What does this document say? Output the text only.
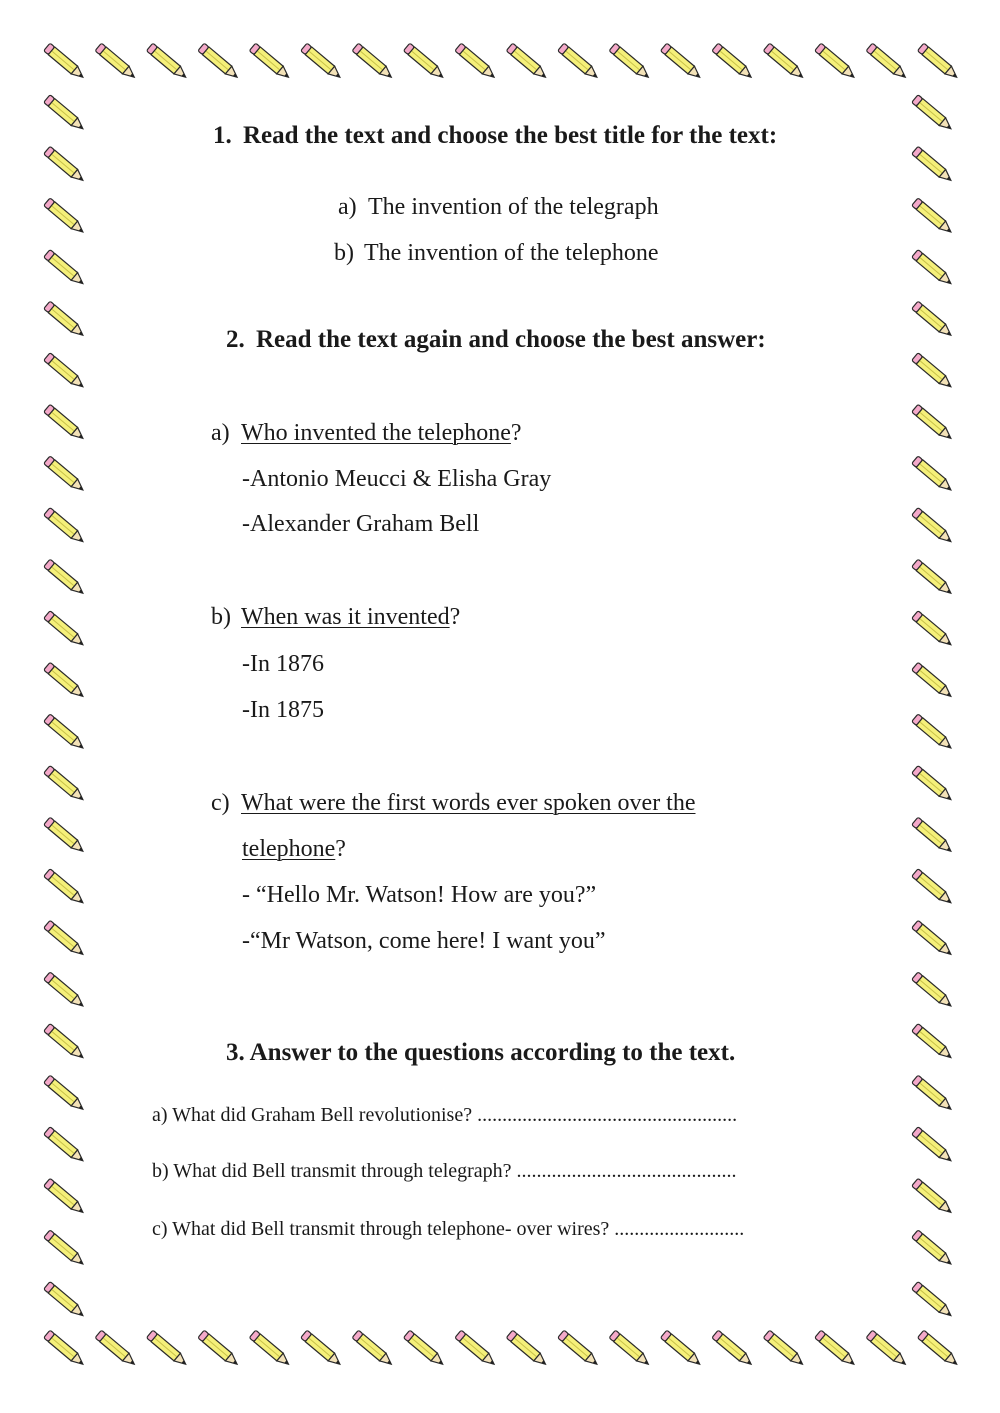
1. Read the text and choose the best title for the text:
a) The invention of the telegraph
b) The invention of the telephone
2. Read the text again and choose the best answer:
a) Who invented the telephone?
-Antonio Meucci & Elisha Gray
-Alexander Graham Bell
b) When was it invented?
-In 1876
-In 1875
c) What were the first words ever spoken over the
telephone?
- “Hello Mr. Watson! How are you?”
-“Mr Watson, come here! I want you”
3. Answer to the questions according to the text.
a) What did Graham Bell revolutionise? ....................................................
b) What did Bell transmit through telegraph? ............................................
c) What did Bell transmit through telephone- over wires? ..........................
